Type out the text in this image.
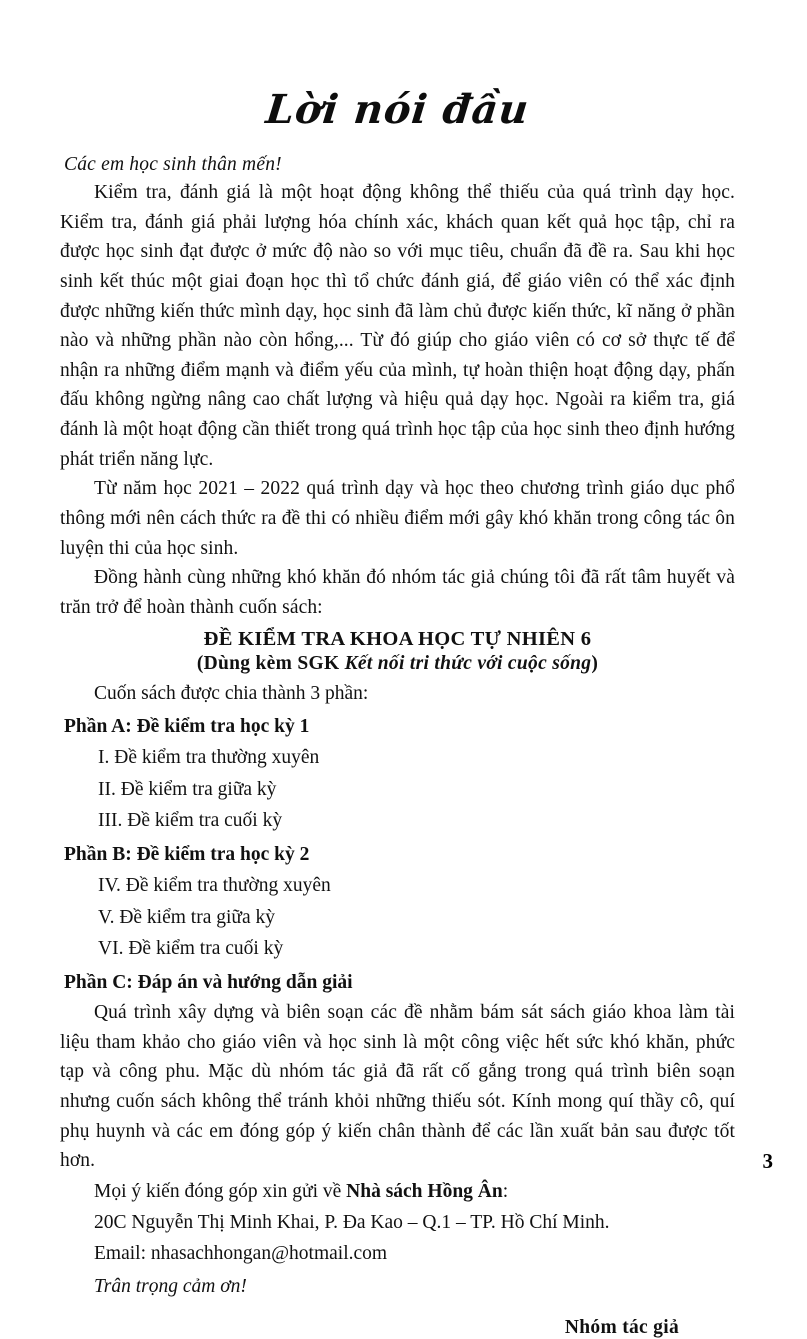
Lời nói đầu
Các em học sinh thân mến!

Kiểm tra, đánh giá là một hoạt động không thể thiếu của quá trình dạy học. Kiểm tra, đánh giá phải lượng hóa chính xác, khách quan kết quả học tập, chỉ ra được học sinh đạt được ở mức độ nào so với mục tiêu, chuẩn đã đề ra. Sau khi học sinh kết thúc một giai đoạn học thì tổ chức đánh giá, để giáo viên có thể xác định được những kiến thức mình dạy, học sinh đã làm chủ được kiến thức, kĩ năng ở phần nào và những phần nào còn hổng,... Từ đó giúp cho giáo viên có cơ sở thực tế để nhận ra những điểm mạnh và điểm yếu của mình, tự hoàn thiện hoạt động dạy, phấn đấu không ngừng nâng cao chất lượng và hiệu quả dạy học. Ngoài ra kiểm tra, giá đánh là một hoạt động cần thiết trong quá trình học tập của học sinh theo định hướng phát triển năng lực.

Từ năm học 2021 – 2022 quá trình dạy và học theo chương trình giáo dục phổ thông mới nên cách thức ra đề thi có nhiều điểm mới gây khó khăn trong công tác ôn luyện thi của học sinh.

Đồng hành cùng những khó khăn đó nhóm tác giả chúng tôi đã rất tâm huyết và trăn trở để hoàn thành cuốn sách:

ĐỀ KIỂM TRA KHOA HỌC TỰ NHIÊN 6
(Dùng kèm SGK Kết nối tri thức với cuộc sống)

Cuốn sách được chia thành 3 phần:

Phần A: Đề kiểm tra học kỳ 1
I. Đề kiểm tra thường xuyên
II. Đề kiểm tra giữa kỳ
III. Đề kiểm tra cuối kỳ
Phần B: Đề kiểm tra học kỳ 2
IV. Đề kiểm tra thường xuyên
V. Đề kiểm tra giữa kỳ
VI. Đề kiểm tra cuối kỳ
Phần C: Đáp án và hướng dẫn giải

Quá trình xây dựng và biên soạn các đề nhằm bám sát sách giáo khoa làm tài liệu tham khảo cho giáo viên và học sinh là một công việc hết sức khó khăn, phức tạp và công phu. Mặc dù nhóm tác giả đã rất cố gắng trong quá trình biên soạn nhưng cuốn sách không thể tránh khỏi những thiếu sót. Kính mong quí thầy cô, quí phụ huynh và các em đóng góp ý kiến chân thành để các lần xuất bản sau được tốt hơn.

Mọi ý kiến đóng góp xin gửi về Nhà sách Hồng Ân:

20C Nguyễn Thị Minh Khai, P. Đa Kao – Q.1 – TP. Hồ Chí Minh.

Email: nhasachhongan@hotmail.com

Trân trọng cảm ơn!

Nhóm tác giả
3
